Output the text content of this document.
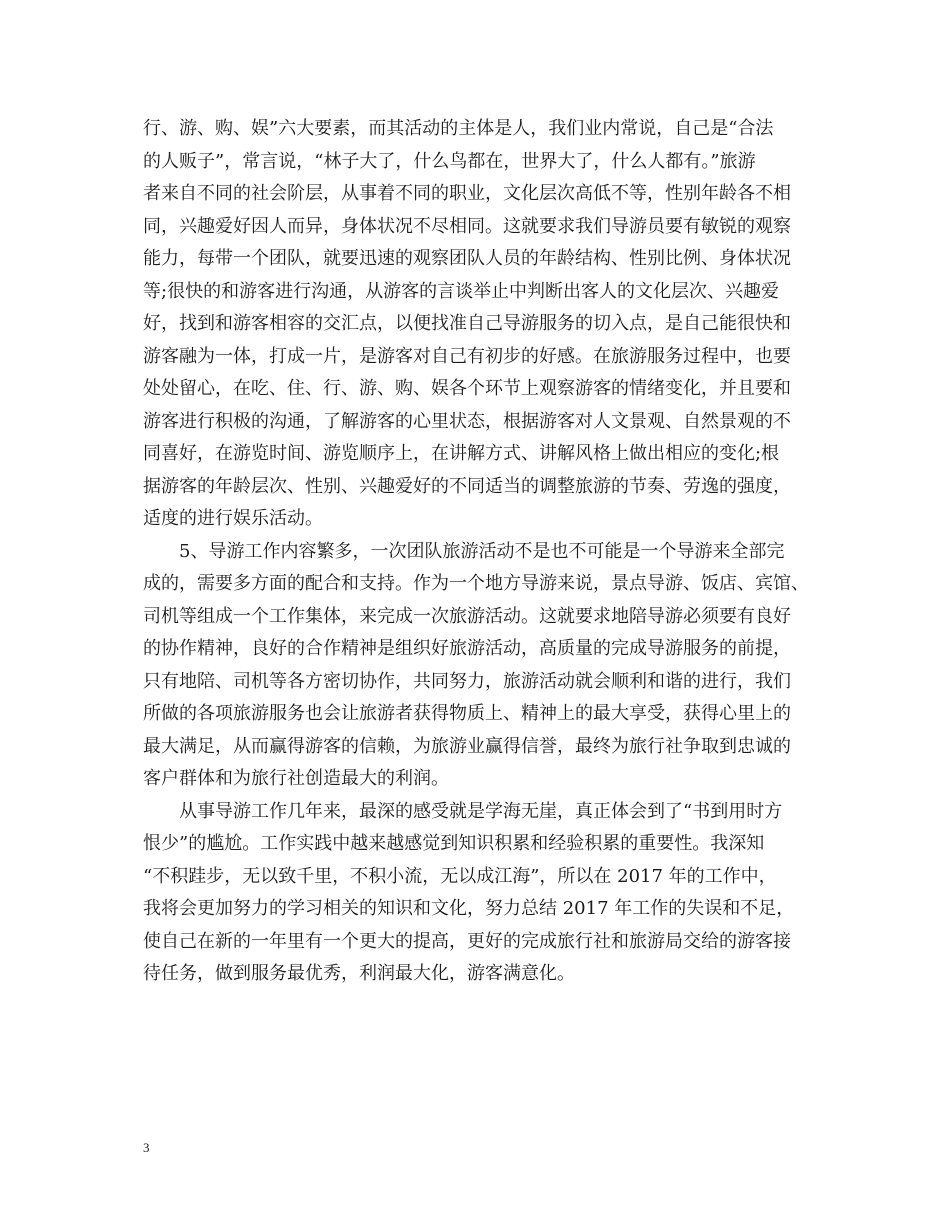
行、游、购、娱”六大要素，而其活动的主体是人，我们业内常说，自己是“合法
的人贩子”，常言说，“林子大了，什么鸟都在，世界大了，什么人都有。”旅游
者来自不同的社会阶层，从事着不同的职业，文化层次高低不等，性别年龄各不相
同，兴趣爱好因人而异，身体状况不尽相同。这就要求我们导游员要有敏锐的观察
能力，每带一个团队，就要迅速的观察团队人员的年龄结构、性别比例、身体状况
等;很快的和游客进行沟通，从游客的言谈举止中判断出客人的文化层次、兴趣爱
好，找到和游客相容的交汇点，以便找准自己导游服务的切入点，是自己能很快和
游客融为一体，打成一片，是游客对自己有初步的好感。在旅游服务过程中，也要
处处留心，在吃、住、行、游、购、娱各个环节上观察游客的情绪变化，并且要和
游客进行积极的沟通，了解游客的心里状态，根据游客对人文景观、自然景观的不
同喜好，在游览时间、游览顺序上，在讲解方式、讲解风格上做出相应的变化;根
据游客的年龄层次、性别、兴趣爱好的不同适当的调整旅游的节奏、劳逸的强度，
适度的进行娱乐活动。
　　5、导游工作内容繁多，一次团队旅游活动不是也不可能是一个导游来全部完
成的，需要多方面的配合和支持。作为一个地方导游来说，景点导游、饭店、宾馆、
司机等组成一个工作集体，来完成一次旅游活动。这就要求地陪导游必须要有良好
的协作精神，良好的合作精神是组织好旅游活动，高质量的完成导游服务的前提，
只有地陪、司机等各方密切协作，共同努力，旅游活动就会顺利和谐的进行，我们
所做的各项旅游服务也会让旅游者获得物质上、精神上的最大享受，获得心里上的
最大满足，从而赢得游客的信赖，为旅游业赢得信誉，最终为旅行社争取到忠诚的
客户群体和为旅行社创造最大的利润。
　　从事导游工作几年来，最深的感受就是学海无崖，真正体会到了“书到用时方
恨少”的尴尬。工作实践中越来越感觉到知识积累和经验积累的重要性。我深知
“不积跬步，无以致千里，不积小流，无以成江海”，所以在 2017 年的工作中，
我将会更加努力的学习相关的知识和文化，努力总结 2017 年工作的失误和不足，
使自己在新的一年里有一个更大的提高，更好的完成旅行社和旅游局交给的游客接
待任务，做到服务最优秀，利润最大化，游客满意化。
3
